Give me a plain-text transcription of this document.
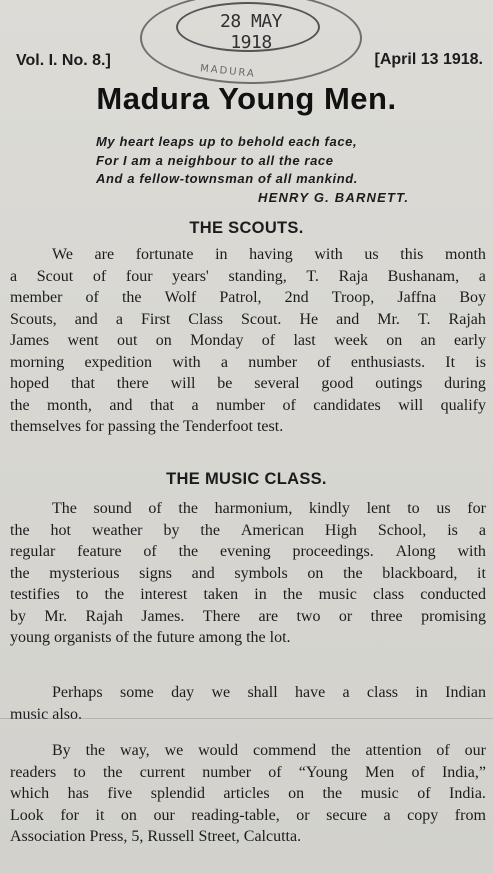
28 MAY 1918
MADURA
Vol. I. No. 8.]	[April 13 1918.
Madura Young Men.
My heart leaps up to behold each face,
For I am a neighbour to all the race
And a fellow-townsman of all mankind.
HENRY G. BARNETT.
THE SCOUTS.
We are fortunate in having with us this month
a Scout of four years' standing, T. Raja Bushanam, a
member of the Wolf Patrol, 2nd Troop, Jaffna Boy
Scouts, and a First Class Scout. He and Mr. T. Rajah
James went out on Monday of last week on an early
morning expedition with a number of enthusiasts. It is
hoped that there will be several good outings during
the month, and that a number of candidates will qualify
themselves for passing the Tenderfoot test.
THE MUSIC CLASS.
The sound of the harmonium, kindly lent to us for
the hot weather by the American High School, is a
regular feature of the evening proceedings. Along with
the mysterious signs and symbols on the blackboard, it
testifies to the interest taken in the music class conducted
by Mr. Rajah James. There are two or three promising
young organists of the future among the lot.
Perhaps some day we shall have a class in Indian
music also.
By the way, we would commend the attention of our
readers to the current number of “Young Men of India,”
which has five splendid articles on the music of India.
Look for it on our reading-table, or secure a copy from
Association Press, 5, Russell Street, Calcutta.
